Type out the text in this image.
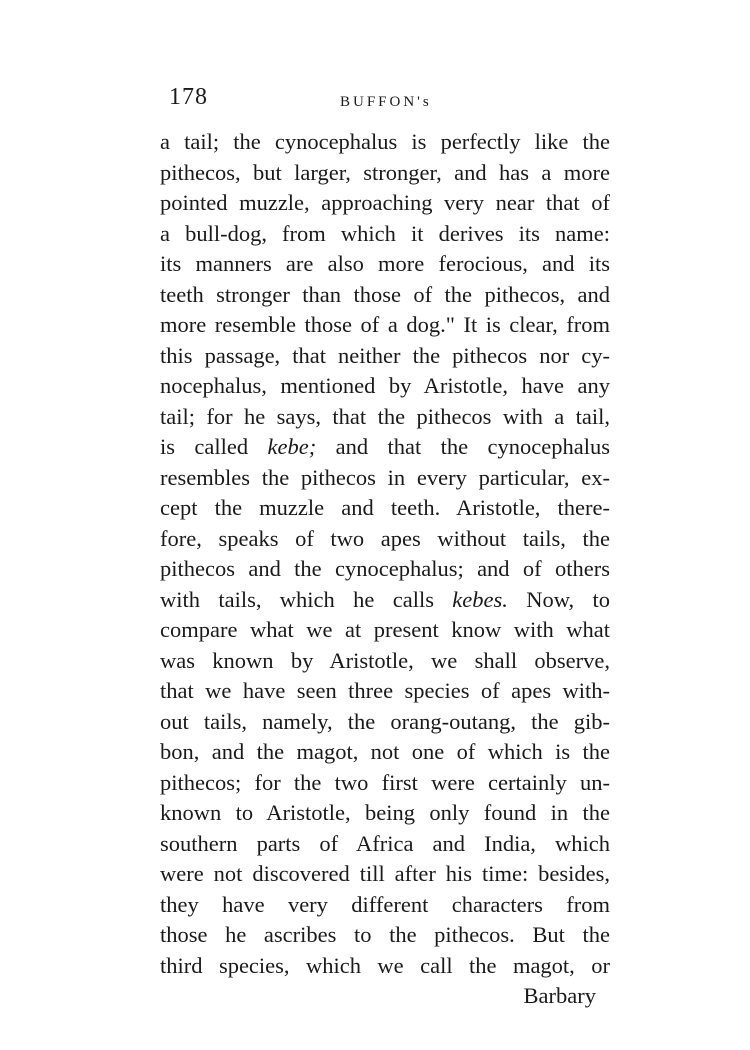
178	BUFFON's
a tail; the cynocephalus is perfectly like the
pithecos, but larger, stronger, and has a more
pointed muzzle, approaching very near that of
a bull-dog, from which it derives its name:
its manners are also more ferocious, and its
teeth stronger than those of the pithecos, and
more resemble those of a dog." It is clear, from
this passage, that neither the pithecos nor cy-
nocephalus, mentioned by Aristotle, have any
tail; for he says, that the pithecos with a tail,
is called kebe; and that the cynocephalus
resembles the pithecos in every particular, ex-
cept the muzzle and teeth. Aristotle, there-
fore, speaks of two apes without tails, the
pithecos and the cynocephalus; and of others
with tails, which he calls kebes. Now, to
compare what we at present know with what
was known by Aristotle, we shall observe,
that we have seen three species of apes with-
out tails, namely, the orang-outang, the gib-
bon, and the magot, not one of which is the
pithecos; for the two first were certainly un-
known to Aristotle, being only found in the
southern parts of Africa and India, which
were not discovered till after his time: besides,
they have very different characters from
those he ascribes to the pithecos. But the
third species, which we call the magot, or
Barbary
